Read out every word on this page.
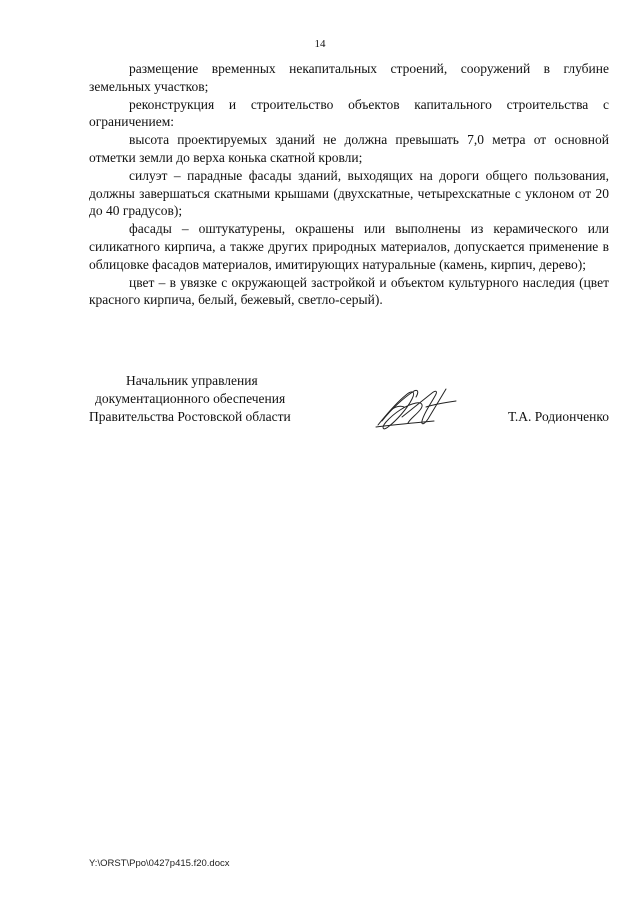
14

размещение временных некапитальных строений, сооружений в глубине земельных участков;

реконструкция и строительство объектов капитального строительства с ограничением:

высота проектируемых зданий не должна превышать 7,0 метра от основной отметки земли до верха конька скатной кровли;

силуэт – парадные фасады зданий, выходящих на дороги общего пользования, должны завершаться скатными крышами (двухскатные, четырехскатные с уклоном от 20 до 40 градусов);

фасады – оштукатурены, окрашены или выполнены из керамического или силикатного кирпича, а также других природных материалов, допускается применение в облицовке фасадов материалов, имитирующих натуральные (камень, кирпич, дерево);

цвет – в увязке с окружающей застройкой и объектом культурного наследия (цвет красного кирпича, белый, бежевый, светло-серый).

Начальник управления
документационного обеспечения
Правительства Ростовской области	Т.А. Родионченко
Y:\ORST\Ppo\0427p415.f20.docx
